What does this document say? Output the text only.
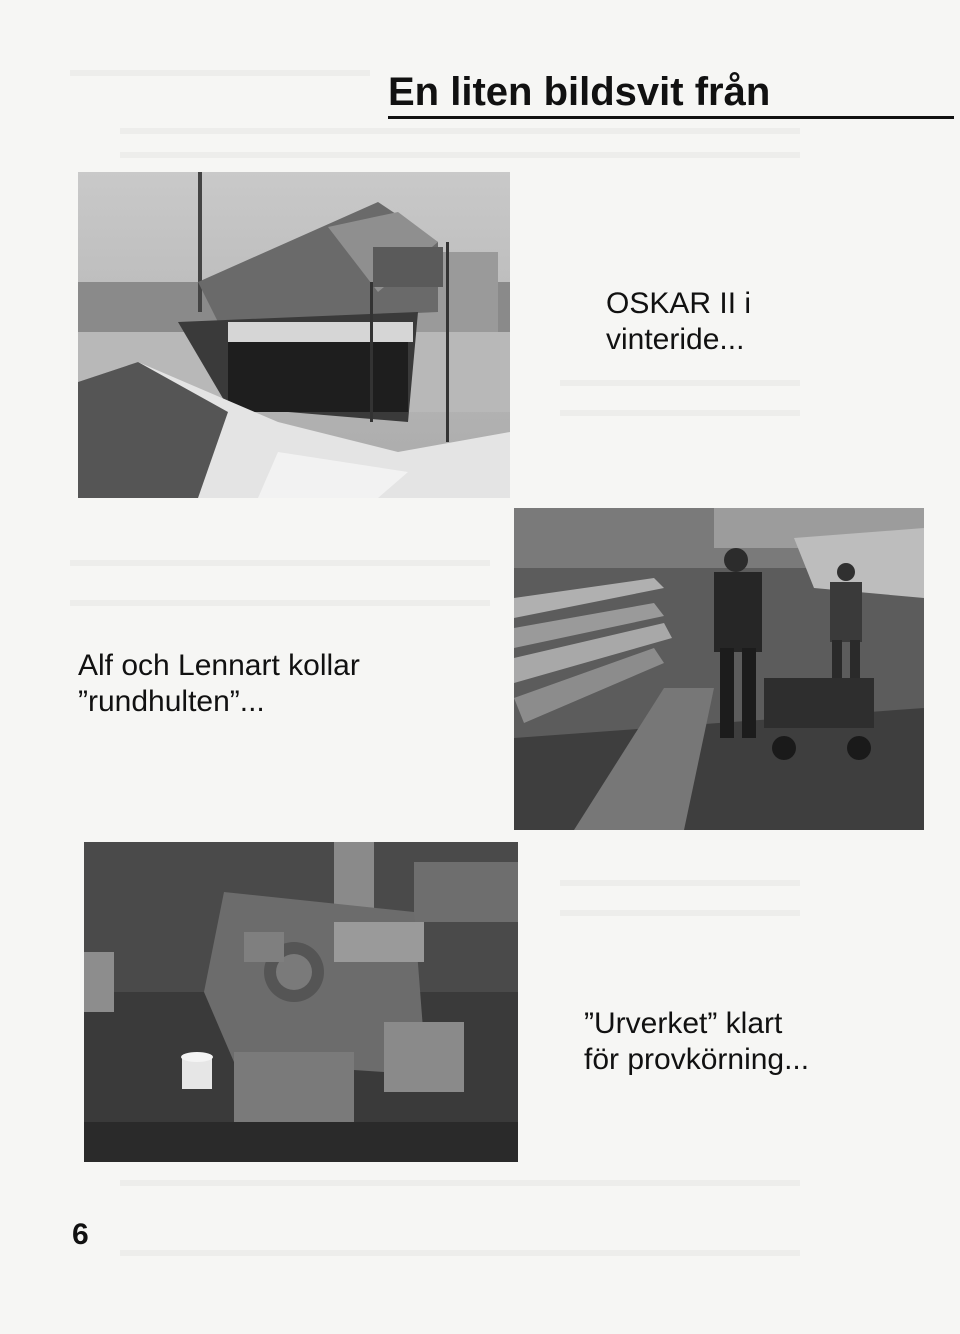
En liten bildsvit från
OSKAR II i
vinteride...
Alf och Lennart kollar
”rundhulten”...
”Urverket” klart
för provkörning...
6
